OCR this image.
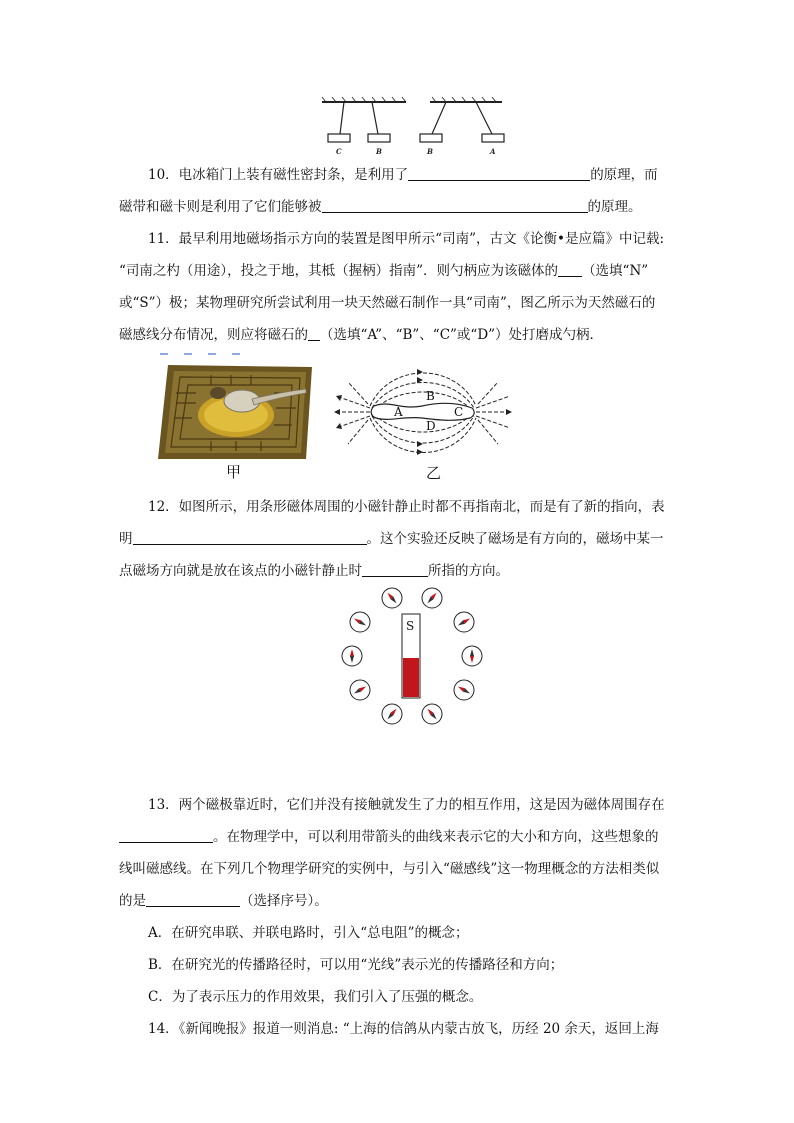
C	B	B	A
10．电冰箱门上装有磁性密封条，是利用了	的原理，而
磁带和磁卡则是利用了它们能够被	的原理。
11．最早利用地磁场指示方向的装置是图甲所示“司南”，古文《论衡•是应篇》中记载:
“司南之杓（用途），投之于地，其柢（握柄）指南”．则勺柄应为该磁体的 （选填“N”
或“S”）极；某物理研究所尝试利用一块天然磁石制作一具“司南”，图乙所示为天然磁石的
磁感线分布情况，则应将磁石的 （选填“A”、“B”、“C”或“D”）处打磨成勺柄．
甲
A
B
C
D
乙
12．如图所示，用条形磁体周围的小磁针静止时都不再指南北，而是有了新的指向，表
明	。这个实验还反映了磁场是有方向的，磁场中某一
点磁场方向就是放在该点的小磁针静止时	所指的方向。
S
13．两个磁极靠近时，它们并没有接触就发生了力的相互作用，这是因为磁体周围存在
。在物理学中，可以利用带箭头的曲线来表示它的大小和方向，这些想象的
线叫磁感线。在下列几个物理学研究的实例中，与引入“磁感线”这一物理概念的方法相类似
的是	（选择序号）。
A．在研究串联、并联电路时，引入“总电阻”的概念；
B．在研究光的传播路径时，可以用“光线”表示光的传播路径和方向；
C．为了表示压力的作用效果，我们引入了压强的概念。
14．《新闻晚报》报道一则消息: “上海的信鸽从内蒙古放飞，历经 20 余天，返回上海
